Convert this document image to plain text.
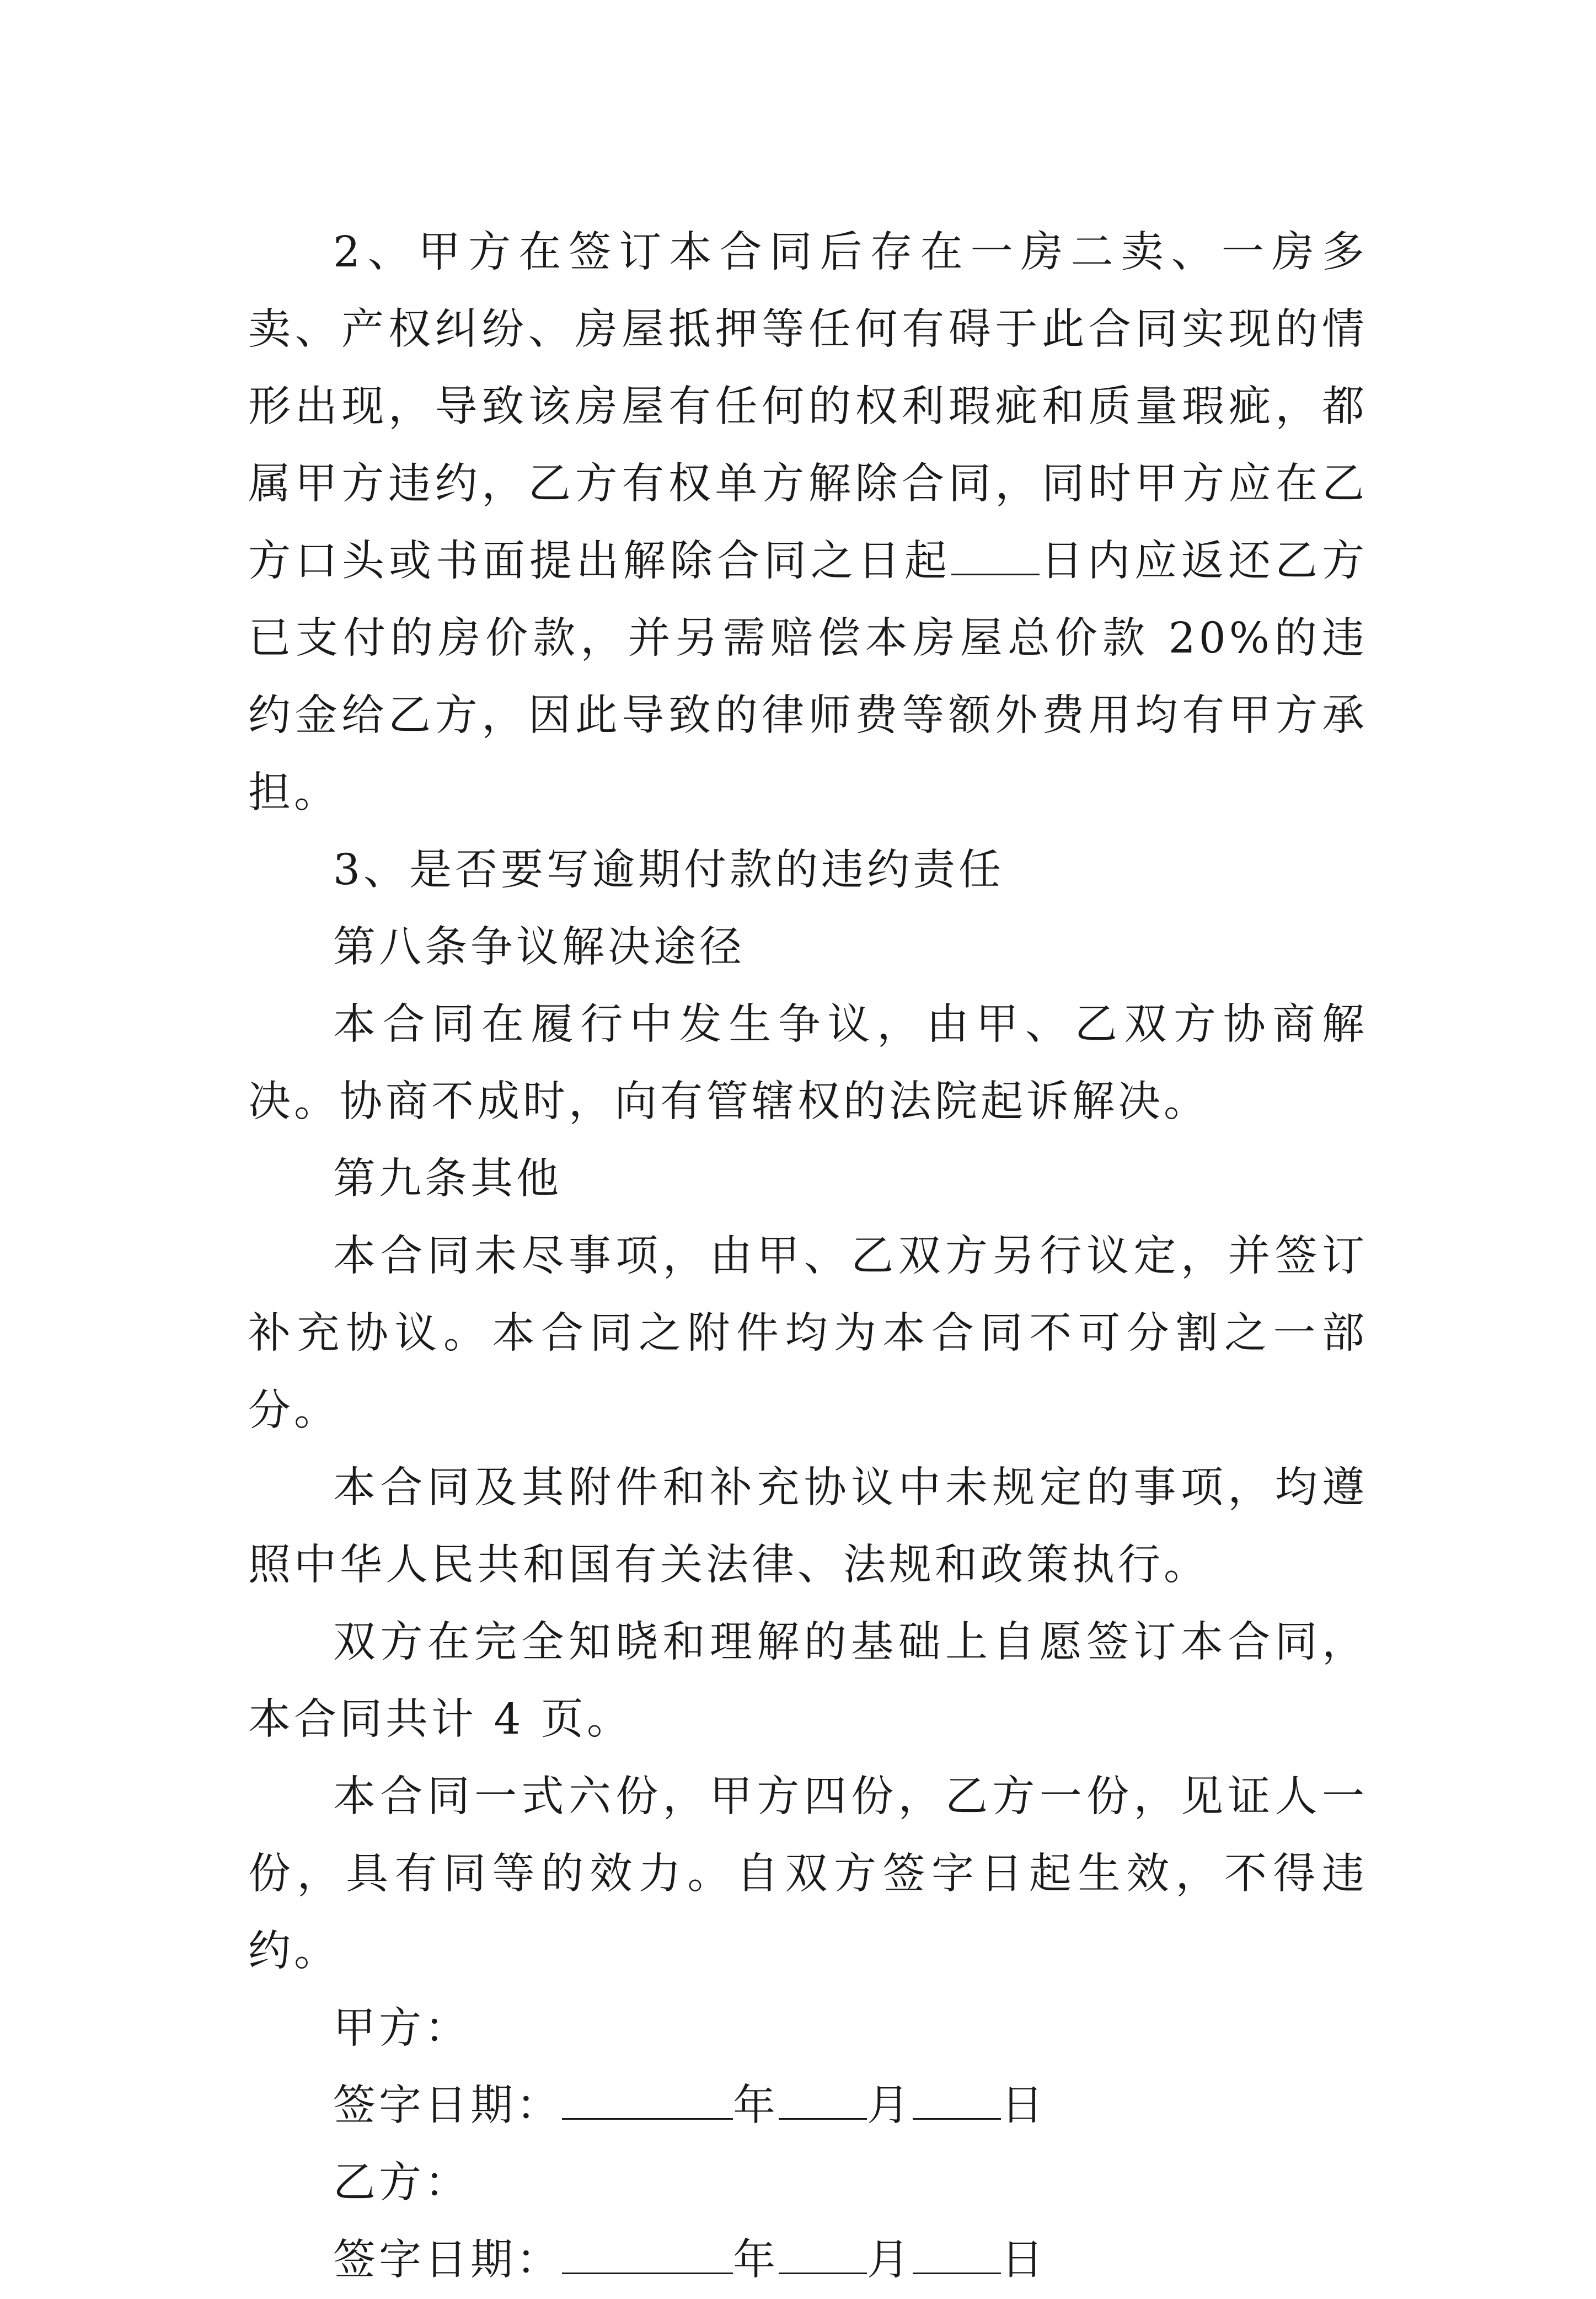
2、甲方在签订本合同后存在一房二卖、一房多卖、产权纠纷、房屋抵押等任何有碍于此合同实现的情形出现，导致该房屋有任何的权利瑕疵和质量瑕疵，都属甲方违约，乙方有权单方解除合同，同时甲方应在乙方口头或书面提出解除合同之日起 日内应返还乙方已支付的房价款，并另需赔偿本房屋总价款 20%的违约金给乙方，因此导致的律师费等额外费用均有甲方承担。

3、是否要写逾期付款的违约责任

第八条争议解决途径

本合同在履行中发生争议，由甲、乙双方协商解决。协商不成时，向有管辖权的法院起诉解决。

第九条其他

本合同未尽事项，由甲、乙双方另行议定，并签订补充协议。本合同之附件均为本合同不可分割之一部分。

本合同及其附件和补充协议中未规定的事项，均遵照中华人民共和国有关法律、法规和政策执行。

双方在完全知晓和理解的基础上自愿签订本合同，本合同共计 4 页。

本合同一式六份，甲方四份，乙方一份，见证人一份，具有同等的效力。自双方签字日起生效，不得违约。

甲方：

签字日期：	年 月 日

乙方：

签字日期：	年 月 日
